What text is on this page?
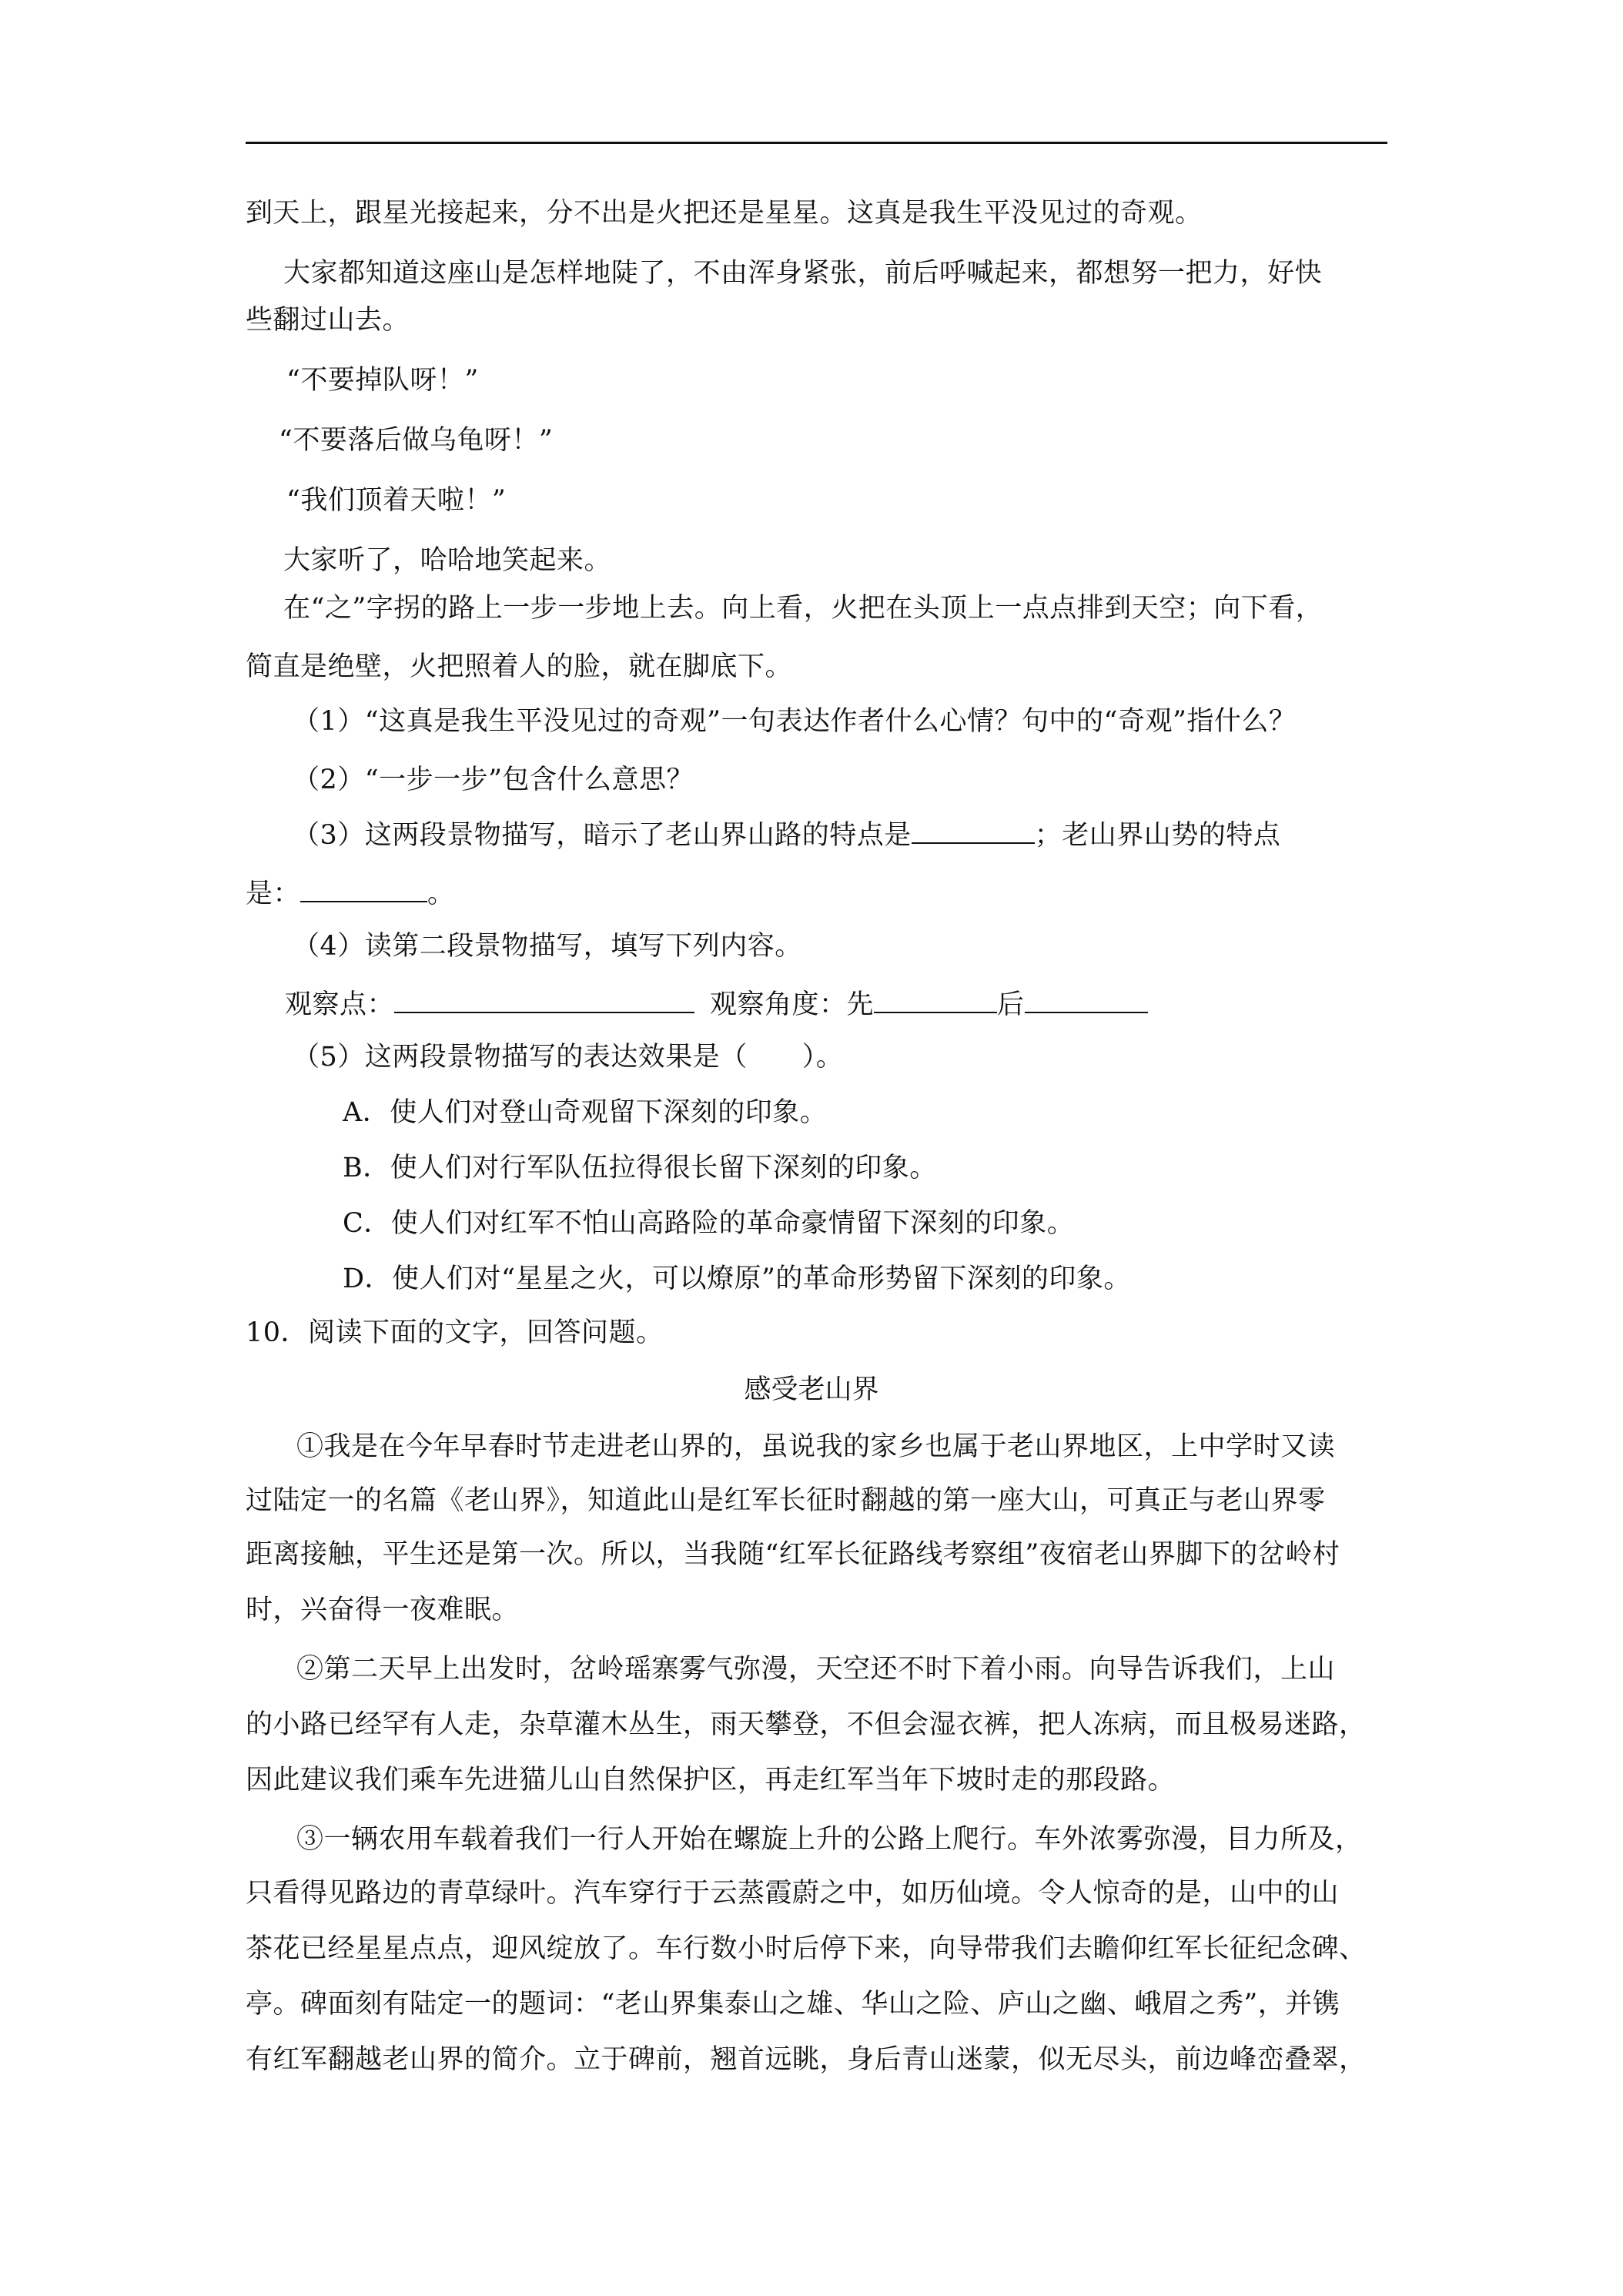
到天上，跟星光接起来，分不出是火把还是星星。这真是我生平没见过的奇观。
大家都知道这座山是怎样地陡了，不由浑身紧张，前后呼喊起来，都想努一把力，好快
些翻过山去。
“不要掉队呀！”
“不要落后做乌龟呀！”
“我们顶着天啦！”
大家听了，哈哈地笑起来。
在“之”字拐的路上一步一步地上去。向上看，火把在头顶上一点点排到天空；向下看，
简直是绝壁，火把照着人的脸，就在脚底下。
（1）“这真是我生平没见过的奇观”一句表达作者什么心情？句中的“奇观”指什么？
（2）“一步一步”包含什么意思？
（3）这两段景物描写，暗示了老山界山路的特点是	；老山界山势的特点
是：	。
（4）读第二段景物描写，填写下列内容。
观察点：	观察角度：先	后
（5）这两段景物描写的表达效果是（　　）。
A．使人们对登山奇观留下深刻的印象。
B．使人们对行军队伍拉得很长留下深刻的印象。
C．使人们对红军不怕山高路险的革命豪情留下深刻的印象。
D．使人们对“星星之火，可以燎原”的革命形势留下深刻的印象。
10．阅读下面的文字，回答问题。
感受老山界
①我是在今年早春时节走进老山界的，虽说我的家乡也属于老山界地区，上中学时又读
过陆定一的名篇《老山界》，知道此山是红军长征时翻越的第一座大山，可真正与老山界零
距离接触，平生还是第一次。所以，当我随“红军长征路线考察组”夜宿老山界脚下的岔岭村
时，兴奋得一夜难眠。
②第二天早上出发时，岔岭瑶寨雾气弥漫，天空还不时下着小雨。向导告诉我们，上山
的小路已经罕有人走，杂草灌木丛生，雨天攀登，不但会湿衣裤，把人冻病，而且极易迷路，
因此建议我们乘车先进猫儿山自然保护区，再走红军当年下坡时走的那段路。
③一辆农用车载着我们一行人开始在螺旋上升的公路上爬行。车外浓雾弥漫，目力所及，
只看得见路边的青草绿叶。汽车穿行于云蒸霞蔚之中，如历仙境。令人惊奇的是，山中的山
茶花已经星星点点，迎风绽放了。车行数小时后停下来，向导带我们去瞻仰红军长征纪念碑、
亭。碑面刻有陆定一的题词：“老山界集泰山之雄、华山之险、庐山之幽、峨眉之秀”，并镌
有红军翻越老山界的简介。立于碑前，翘首远眺，身后青山迷蒙，似无尽头，前边峰峦叠翠，
